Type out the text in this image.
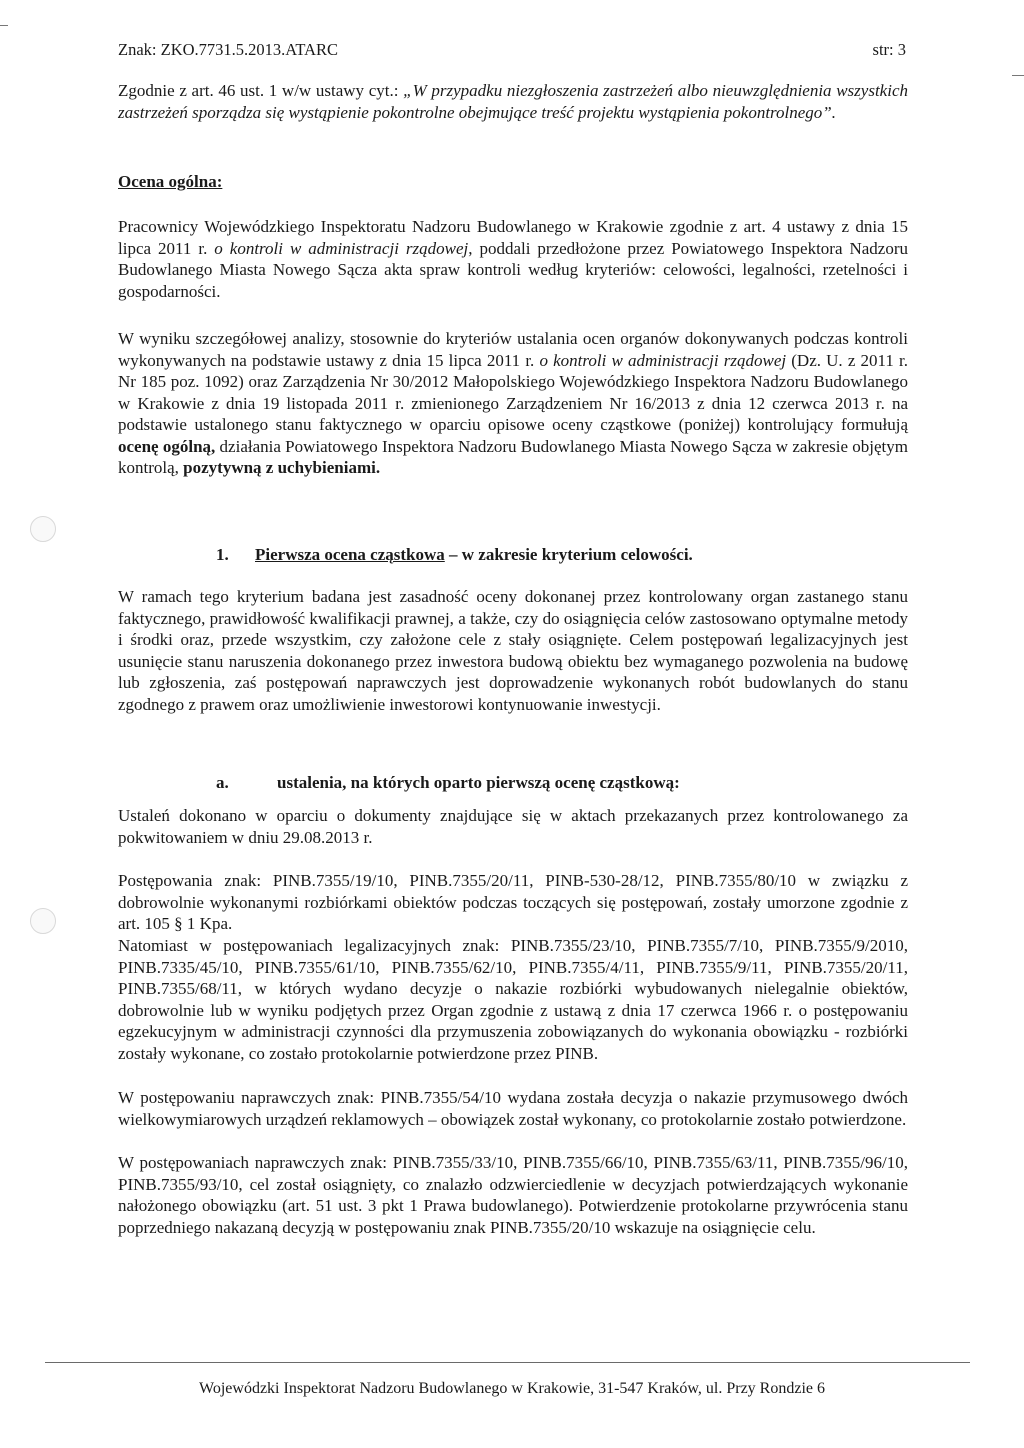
Znak: ZKO.7731.5.2013.ATARC	str: 3
Zgodnie z art. 46 ust. 1 w/w ustawy cyt.: „W przypadku niezgłoszenia zastrzeżeń albo nieuwzględnienia wszystkich zastrzeżeń sporządza się wystąpienie pokontrolne obejmujące treść projektu wystąpienia pokontrolnego”.
Ocena ogólna:
Pracownicy Wojewódzkiego Inspektoratu Nadzoru Budowlanego w Krakowie zgodnie z art. 4 ustawy z dnia 15 lipca 2011 r. o kontroli w administracji rządowej, poddali przedłożone przez Powiatowego Inspektora Nadzoru Budowlanego Miasta Nowego Sącza akta spraw kontroli według kryteriów: celowości, legalności, rzetelności i gospodarności.
W wyniku szczegółowej analizy, stosownie do kryteriów ustalania ocen organów dokonywanych podczas kontroli wykonywanych na podstawie ustawy z dnia 15 lipca 2011 r. o kontroli w administracji rządowej (Dz. U. z 2011 r. Nr 185 poz. 1092) oraz Zarządzenia Nr 30/2012 Małopolskiego Wojewódzkiego Inspektora Nadzoru Budowlanego w Krakowie z dnia 19 listopada 2011 r. zmienionego Zarządzeniem Nr 16/2013 z dnia 12 czerwca 2013 r. na podstawie ustalonego stanu faktycznego w oparciu opisowe oceny cząstkowe (poniżej) kontrolujący formułują ocenę ogólną, działania Powiatowego Inspektora Nadzoru Budowlanego Miasta Nowego Sącza w zakresie objętym kontrolą, pozytywną z uchybieniami.
1. Pierwsza ocena cząstkowa – w zakresie kryterium celowości.
W ramach tego kryterium badana jest zasadność oceny dokonanej przez kontrolowany organ zastanego stanu faktycznego, prawidłowość kwalifikacji prawnej, a także, czy do osiągnięcia celów zastosowano optymalne metody i środki oraz, przede wszystkim, czy założone cele z stały osiągnięte. Celem postępowań legalizacyjnych jest usunięcie stanu naruszenia dokonanego przez inwestora budową obiektu bez wymaganego pozwolenia na budowę lub zgłoszenia, zaś postępowań naprawczych jest doprowadzenie wykonanych robót budowlanych do stanu zgodnego z prawem oraz umożliwienie inwestorowi kontynuowanie inwestycji.
a.	ustalenia, na których oparto pierwszą ocenę cząstkową:
Ustaleń dokonano w oparciu o dokumenty znajdujące się w aktach przekazanych przez kontrolowanego za pokwitowaniem w dniu 29.08.2013 r.
Postępowania znak: PINB.7355/19/10, PINB.7355/20/11, PINB-530-28/12, PINB.7355/80/10 w związku z dobrowolnie wykonanymi rozbiórkami obiektów podczas toczących się postępowań, zostały umorzone zgodnie z art. 105 § 1 Kpa.
Natomiast w postępowaniach legalizacyjnych znak: PINB.7355/23/10, PINB.7355/7/10, PINB.7355/9/2010, PINB.7335/45/10, PINB.7355/61/10, PINB.7355/62/10, PINB.7355/4/11, PINB.7355/9/11, PINB.7355/20/11, PINB.7355/68/11, w których wydano decyzje o nakazie rozbiórki wybudowanych nielegalnie obiektów, dobrowolnie lub w wyniku podjętych przez Organ zgodnie z ustawą z dnia 17 czerwca 1966 r. o postępowaniu egzekucyjnym w administracji czynności dla przymuszenia zobowiązanych do wykonania obowiązku - rozbiórki zostały wykonane, co zostało protokolarnie potwierdzone przez PINB.
W postępowaniu naprawczych znak: PINB.7355/54/10 wydana została decyzja o nakazie przymusowego dwóch wielkowymiarowych urządzeń reklamowych – obowiązek został wykonany, co protokolarnie zostało potwierdzone.
W postępowaniach naprawczych znak: PINB.7355/33/10, PINB.7355/66/10, PINB.7355/63/11, PINB.7355/96/10, PINB.7355/93/10, cel został osiągnięty, co znalazło odzwierciedlenie w decyzjach potwierdzających wykonanie nałożonego obowiązku (art. 51 ust. 3 pkt 1 Prawa budowlanego). Potwierdzenie protokolarne przywrócenia stanu poprzedniego nakazaną decyzją w postępowaniu znak PINB.7355/20/10 wskazuje na osiągnięcie celu.
Wojewódzki Inspektorat Nadzoru Budowlanego w Krakowie, 31-547 Kraków, ul. Przy Rondzie 6
